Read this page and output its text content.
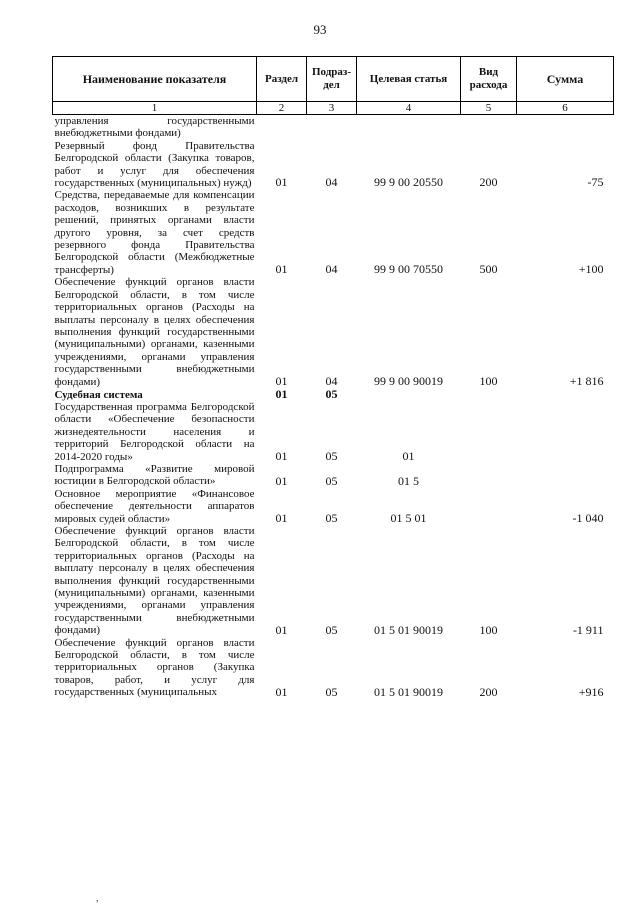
93
Наименование показателя	Раздел	Подраз-дел	Целевая статья	Вид расхода	Сумма
1	2	3	4	5	6
управления государственными внебюджетными фондами)					
Резервный фонд Правительства Белгородской области (Закупка товаров, работ и услуг для обеспечения государственных (муниципальных) нужд)	01	04	99 9 00 20550	200	-75
Средства, передаваемые для компенсации расходов, возникших в результате решений, принятых органами власти другого уровня, за счет средств резервного фонда Правительства Белгородской области (Межбюджетные трансферты)	01	04	99 9 00 70550	500	+100
Обеспечение функций органов власти Белгородской области, в том числе территориальных органов (Расходы на выплаты персоналу в целях обеспечения выполнения функций государственными (муниципальными) органами, казенными учреждениями, органами управления государственными внебюджетными фондами)	01	04	99 9 00 90019	100	+1 816
Судебная система	01	05			
Государственная программа Белгородской области «Обеспечение безопасности жизнедеятельности населения и территорий Белгородской области на 2014-2020 годы»	01	05	01		
Подпрограмма «Развитие мировой юстиции в Белгородской области»	01	05	01 5		
Основное мероприятие «Финансовое обеспечение деятельности аппаратов мировых судей области»	01	05	01 5 01		-1 040
Обеспечение функций органов власти Белгородской области, в том числе территориальных органов (Расходы на выплату персоналу в целях обеспечения выполнения функций государственными (муниципальными) органами, казенными учреждениями, органами управления государственными внебюджетными фондами)	01	05	01 5 01 90019	100	-1 911
Обеспечение функций органов власти Белгородской области, в том числе территориальных органов (Закупка товаров, работ, и услуг для государственных (муниципальных	01	05	01 5 01 90019	200	+916
,
